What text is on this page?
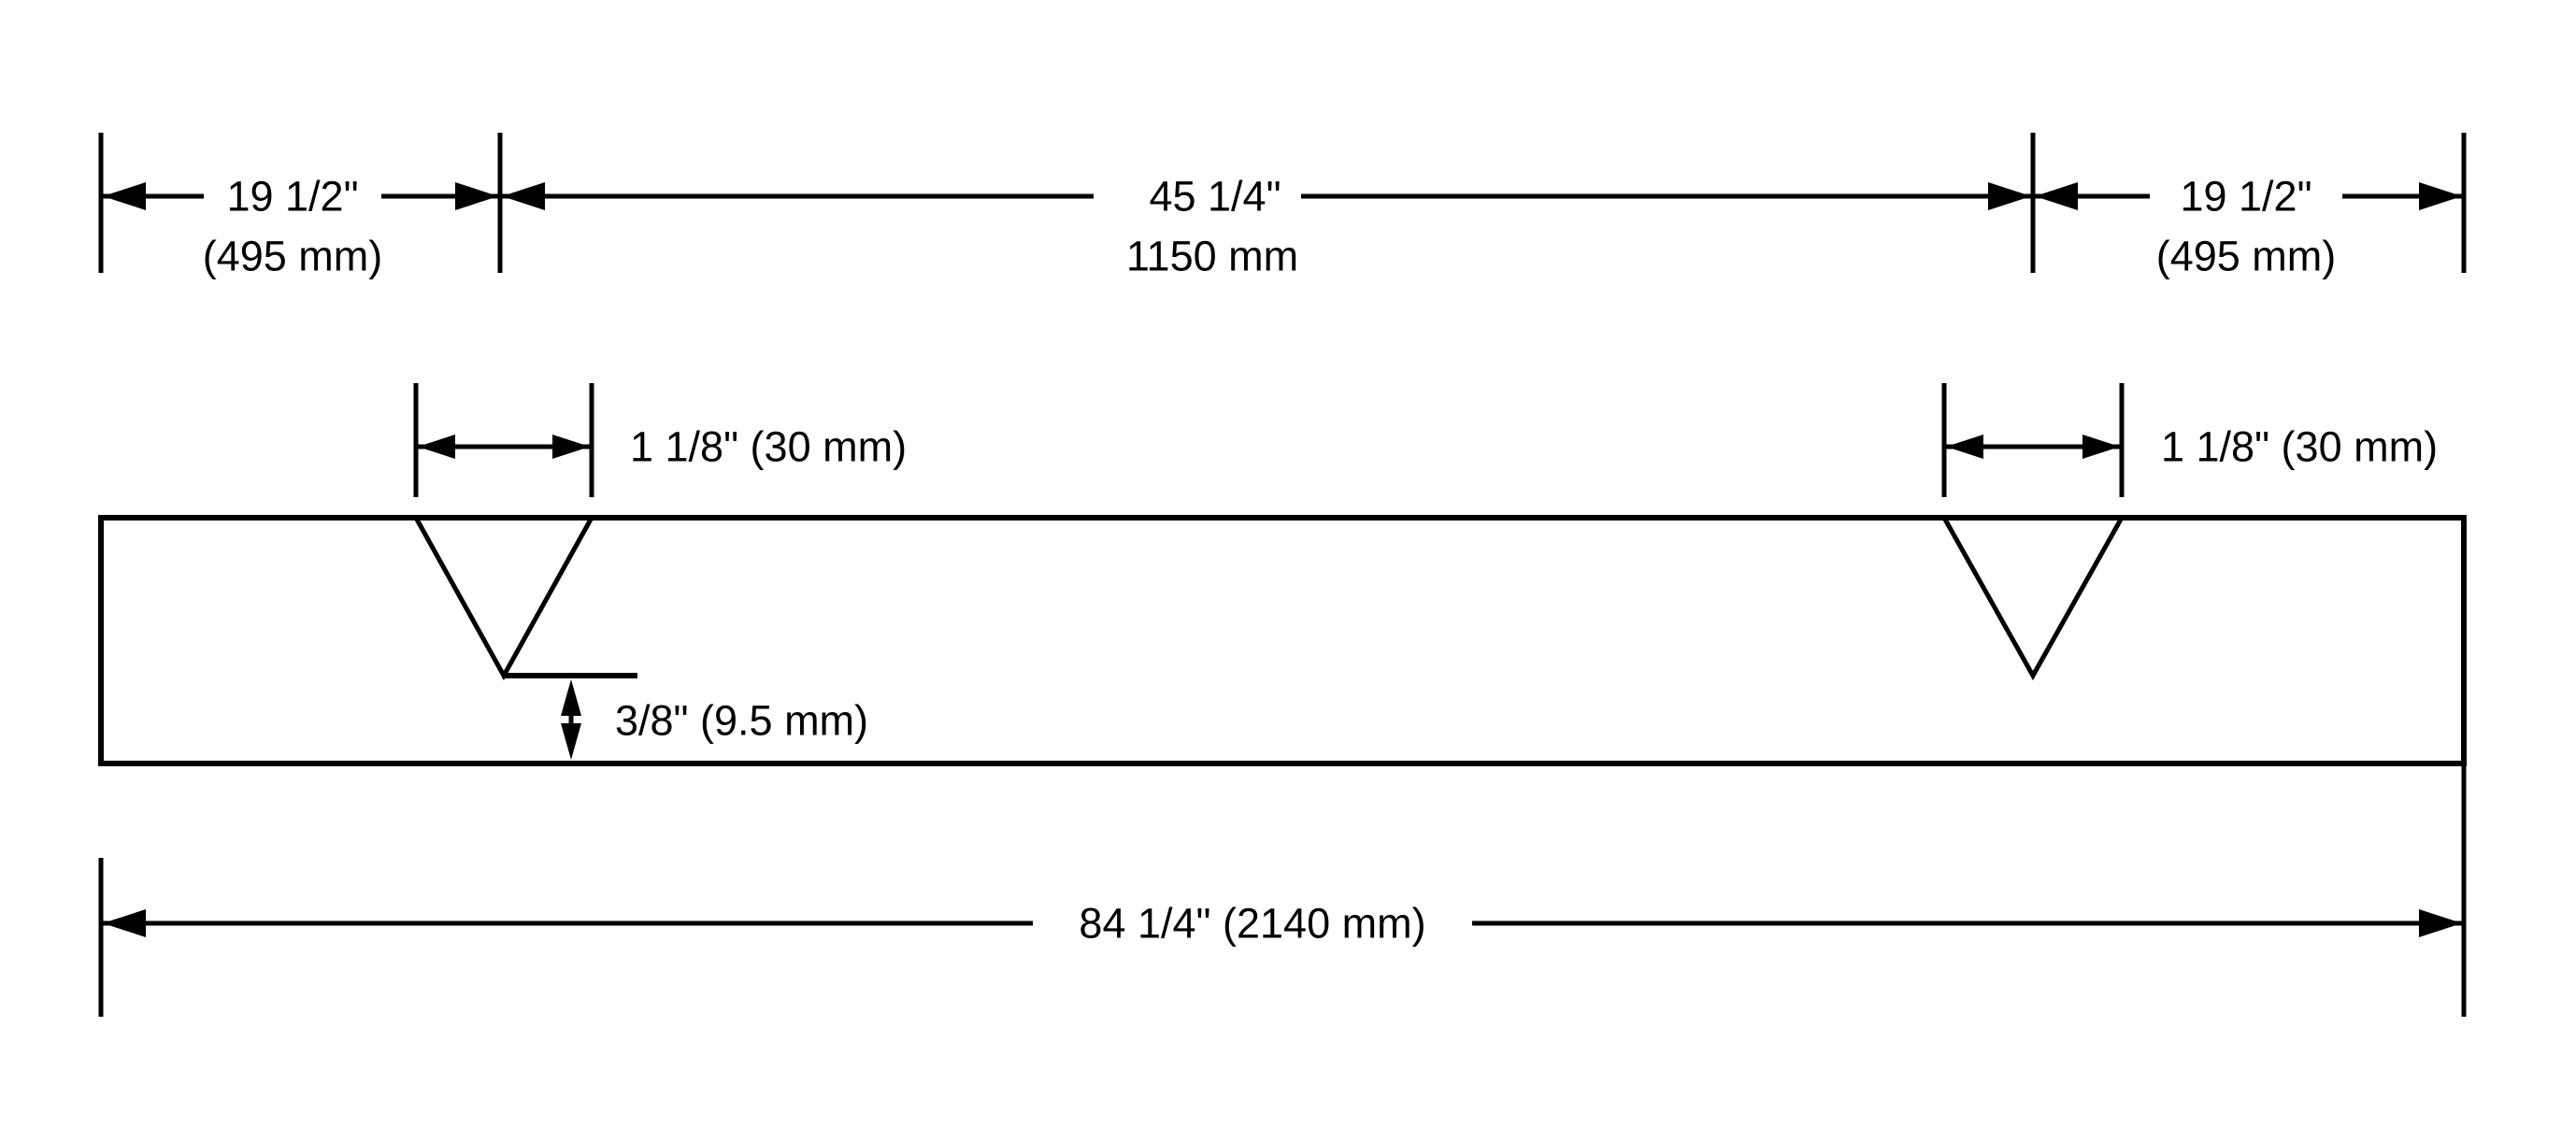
19 1/2"
(495 mm)
45 1/4"
1150 mm
19 1/2"
(495 mm)
1 1/8" (30 mm)	1 1/8" (30 mm)
3/8" (9.5 mm)
84 1/4" (2140 mm)
